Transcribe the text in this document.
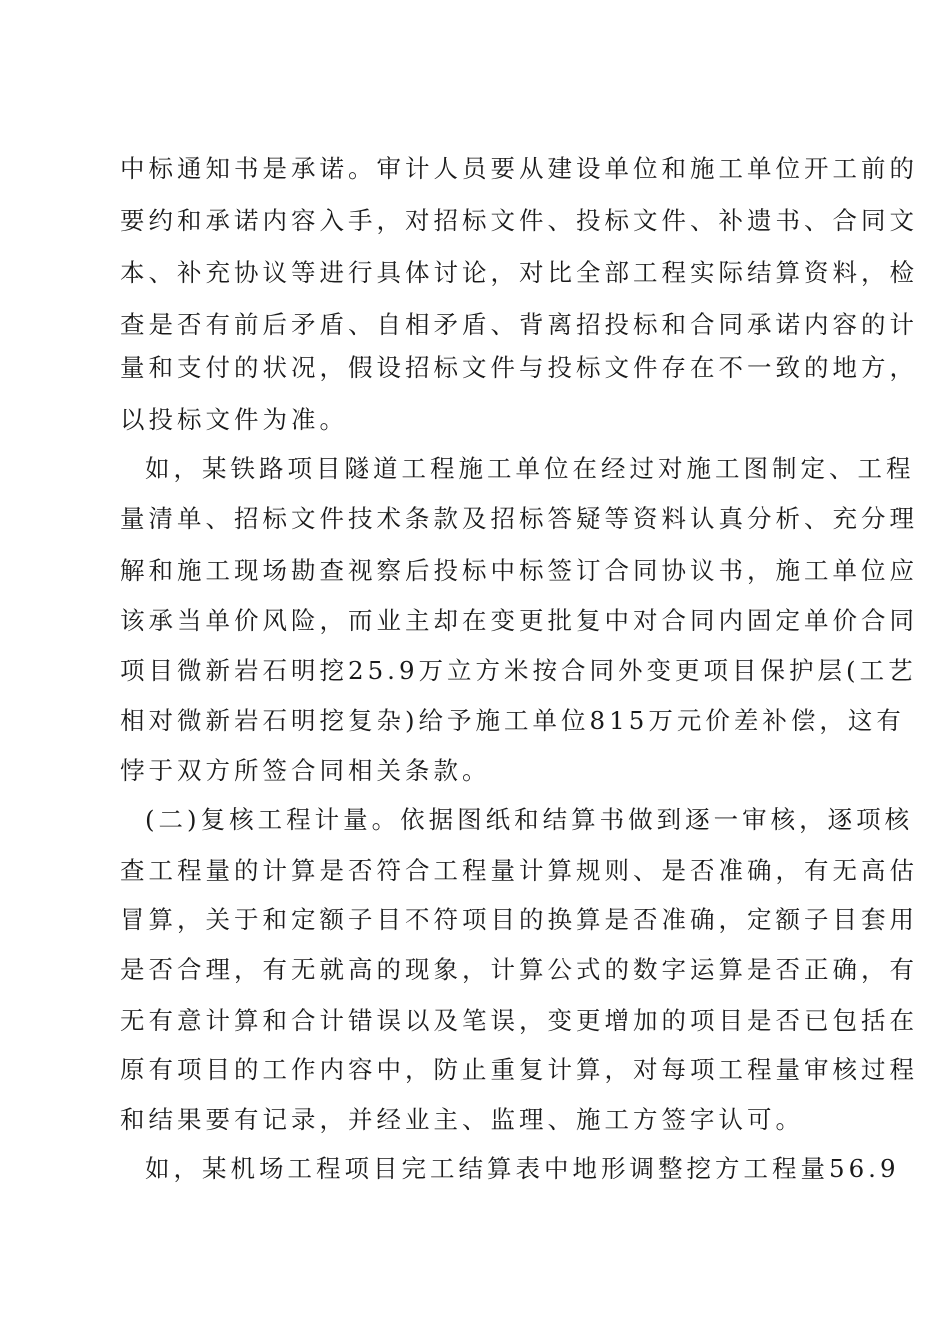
中标通知书是承诺。审计人员要从建设单位和施工单位开工前的

要约和承诺内容入手，对招标文件、投标文件、补遗书、合同文

本、补充协议等进行具体讨论，对比全部工程实际结算资料，检

查是否有前后矛盾、自相矛盾、背离招投标和合同承诺内容的计

量和支付的状况，假设招标文件与投标文件存在不一致的地方，

以投标文件为准。

如，某铁路项目隧道工程施工单位在经过对施工图制定、工程

量清单、招标文件技术条款及招标答疑等资料认真分析、充分理

解和施工现场勘查视察后投标中标签订合同协议书，施工单位应

该承当单价风险，而业主却在变更批复中对合同内固定单价合同

项目微新岩石明挖25.9万立方米按合同外变更项目保护层(工艺

相对微新岩石明挖复杂)给予施工单位815万元价差补偿，这有

悖于双方所签合同相关条款。

(二)复核工程计量。依据图纸和结算书做到逐一审核，逐项核

查工程量的计算是否符合工程量计算规则、是否准确，有无高估

冒算，关于和定额子目不符项目的换算是否准确，定额子目套用

是否合理，有无就高的现象，计算公式的数字运算是否正确，有

无有意计算和合计错误以及笔误，变更增加的项目是否已包括在

原有项目的工作内容中，防止重复计算，对每项工程量审核过程

和结果要有记录，并经业主、监理、施工方签字认可。

如，某机场工程项目完工结算表中地形调整挖方工程量56.9
